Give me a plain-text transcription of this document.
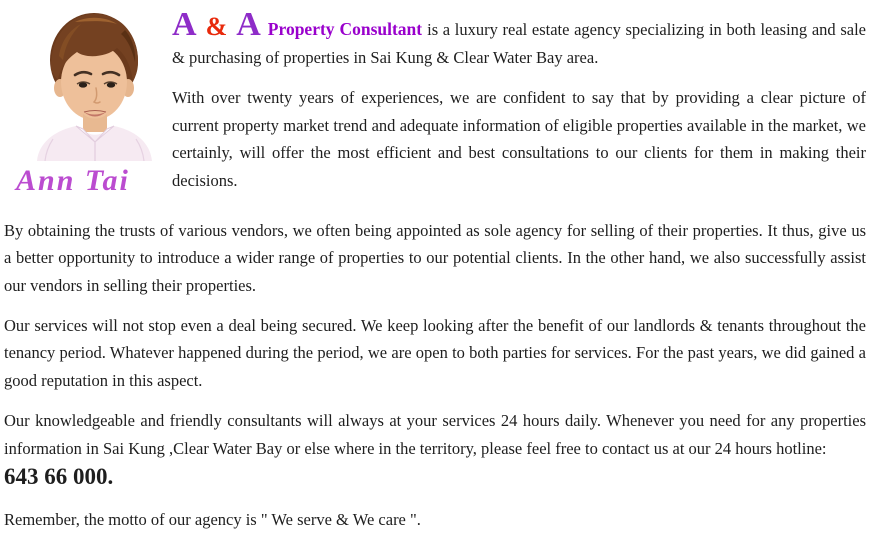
Ann Tai

A & A Property Consultant is a luxury real estate agency specializing in both leasing and sale & purchasing of properties in Sai Kung & Clear Water Bay area.

With over twenty years of experiences, we are confident to say that by providing a clear picture of current property market trend and adequate information of eligible properties available in the market, we certainly, will offer the most efficient and best consultations to our clients for them in making their decisions.

By obtaining the trusts of various vendors, we often being appointed as sole agency for selling of their properties. It thus, give us a better opportunity to introduce a wider range of properties to our potential clients. In the other hand, we also successfully assist our vendors in selling their properties.

Our services will not stop even a deal being secured. We keep looking after the benefit of our landlords & tenants throughout the tenancy period. Whatever happened during the period, we are open to both parties for services. For the past years, we did gained a good reputation in this aspect.

Our knowledgeable and friendly consultants will always at your services 24 hours daily. Whenever you need for any properties information in Sai Kung ,Clear Water Bay or else where in the territory, please feel free to contact us at our 24 hours hotline:

643 66 000.

Remember, the motto of our agency is " We serve & We care ".
